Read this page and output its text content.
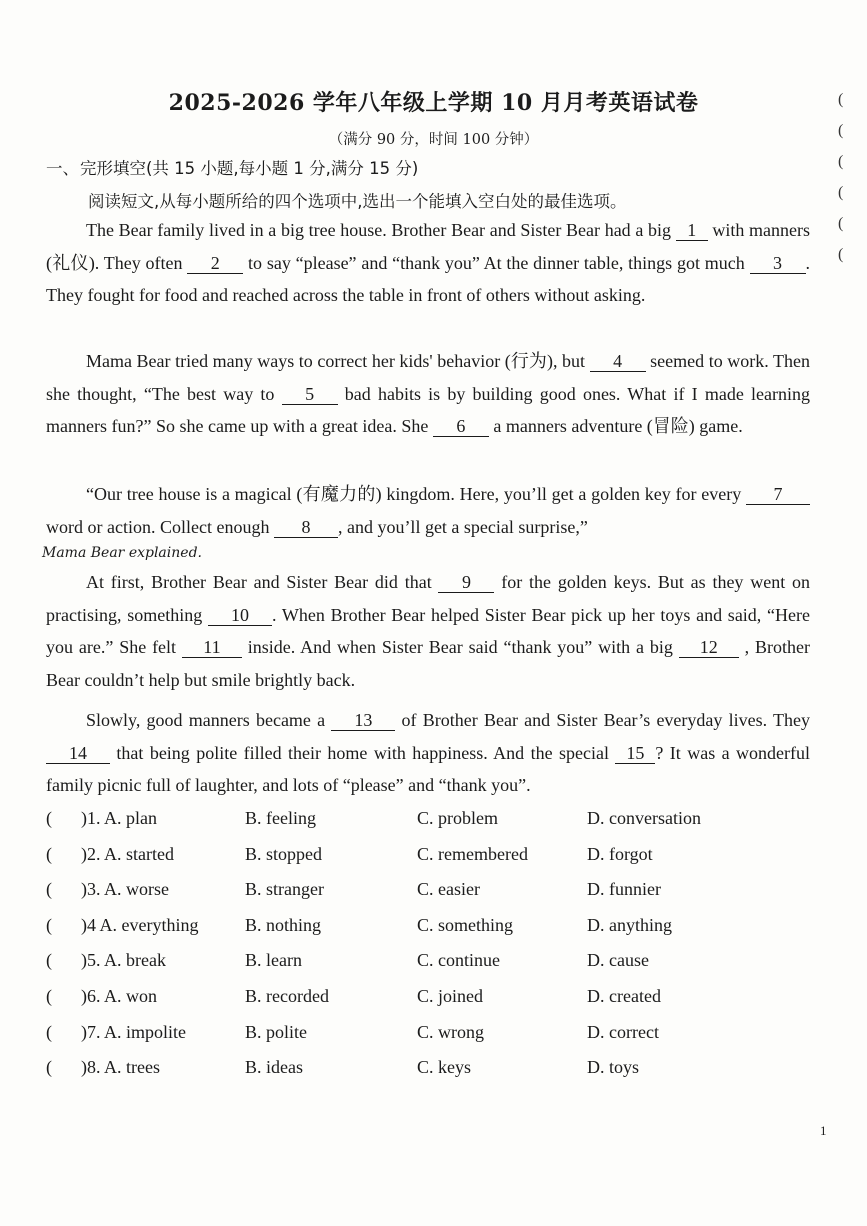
2025-2026 学年八年级上学期 10 月月考英语试卷
（满分 90 分，时间 100 分钟）
一、完形填空(共 15 小题,每小题 1 分,满分 15 分)
阅读短文,从每小题所给的四个选项中,选出一个能填入空白处的最佳选项。
The Bear family lived in a big tree house. Brother Bear and Sister Bear had a big 1 with manners (礼仪). They often 2 to say “please” and “thank you” At the dinner table, things got much 3 . They fought for food and reached across the table in front of others without asking.
Mama Bear tried many ways to correct her kids' behavior (行为), but 4 seemed to work. Then she thought, “The best way to 5 bad habits is by building good ones. What if I made learning manners fun?” So she came up with a great idea. She 6 a manners adventure (冒险) game.
“Our tree house is a magical (有魔力的) kingdom. Here, you’ll get a golden key for every 7 word or action. Collect enough 8 , and you’ll get a special surprise,”
Mama Bear explained.
At first, Brother Bear and Sister Bear did that 9 for the golden keys. But as they went on practising, something 10 . When Brother Bear helped Sister Bear pick up her toys and said, “Here you are.” She felt 11 inside. And when Sister Bear said “thank you” with a big 12 , Brother Bear couldn’t help but smile brightly back.
Slowly, good manners became a 13 of Brother Bear and Sister Bear’s everyday lives. They 14 that being polite filled their home with happiness. And the special 15 ? It was a wonderful family picnic full of laughter, and lots of “please” and “thank you”.
( )1. A. plan	B. feeling	C. problem	D. conversation
( )2. A. started	B. stopped	C. remembered	D. forgot
( )3. A. worse	B. stranger	C. easier	D. funnier
( )4 A. everything	B. nothing	C. something	D. anything
( )5. A. break	B. learn	C. continue	D. cause
( )6. A. won	B. recorded	C. joined	D. created
( )7. A. impolite	B. polite	C. wrong	D. correct
( )8. A. trees	B. ideas	C. keys	D. toys
(
(
(
(
(
(
1
